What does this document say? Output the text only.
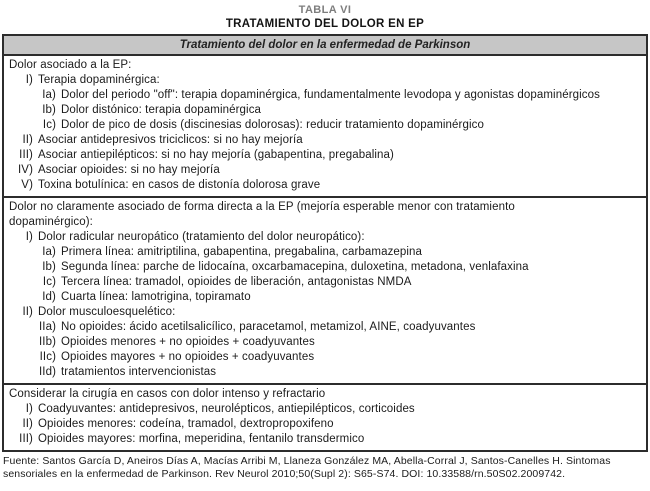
TABLA VI
TRATAMIENTO DEL DOLOR EN EP
Tratamiento del dolor en la enfermedad de Parkinson
Dolor asociado a la EP:
I) Terapia dopaminérgica:
Ia) Dolor del periodo "off": terapia dopaminérgica, fundamentalmente levodopa y agonistas dopaminérgicos
Ib) Dolor distónico: terapia dopaminérgica
Ic) Dolor de pico de dosis (discinesias dolorosas): reducir tratamiento dopaminérgico
II) Asociar antidepresivos triciclicos: si no hay mejoría
III) Asociar antiepilépticos: si no hay mejoría (gabapentina, pregabalina)
IV) Asociar opioides: si no hay mejoría
V) Toxina botulínica: en casos de distonía dolorosa grave
Dolor no claramente asociado de forma directa a la EP (mejoría esperable menor con tratamiento
dopaminérgico):
I) Dolor radicular neuropático (tratamiento del dolor neuropático):
Ia) Primera línea: amitriptilina, gabapentina, pregabalina, carbamazepina
Ib) Segunda línea: parche de lidocaína, oxcarbamacepina, duloxetina, metadona, venlafaxina
Ic) Tercera línea: tramadol, opioides de liberación, antagonistas NMDA
Id) Cuarta línea: lamotrigina, topiramato
II) Dolor musculoesquelético:
IIa) No opioides: ácido acetilsalicílico, paracetamol, metamizol, AINE, coadyuvantes
IIb) Opioides menores + no opioides + coadyuvantes
IIc) Opioides mayores + no opioides + coadyuvantes
IId) tratamientos intervencionistas
Considerar la cirugía en casos con dolor intenso y refractario
I) Coadyuvantes: antidepresivos, neurolépticos, antiepilépticos, corticoides
II) Opioides menores: codeína, tramadol, dextropropoxifeno
III) Opioides mayores: morfina, meperidina, fentanilo transdermico
Fuente: Santos García D, Aneiros Días A, Macías Arribi M, Llaneza González MA, Abella-Corral J, Santos-Canelles H. Sintomas sensoriales en la enfermedad de Parkinson. Rev Neurol 2010;50(Supl 2): S65-S74. DOI: 10.33588/rn.50S02.2009742.
